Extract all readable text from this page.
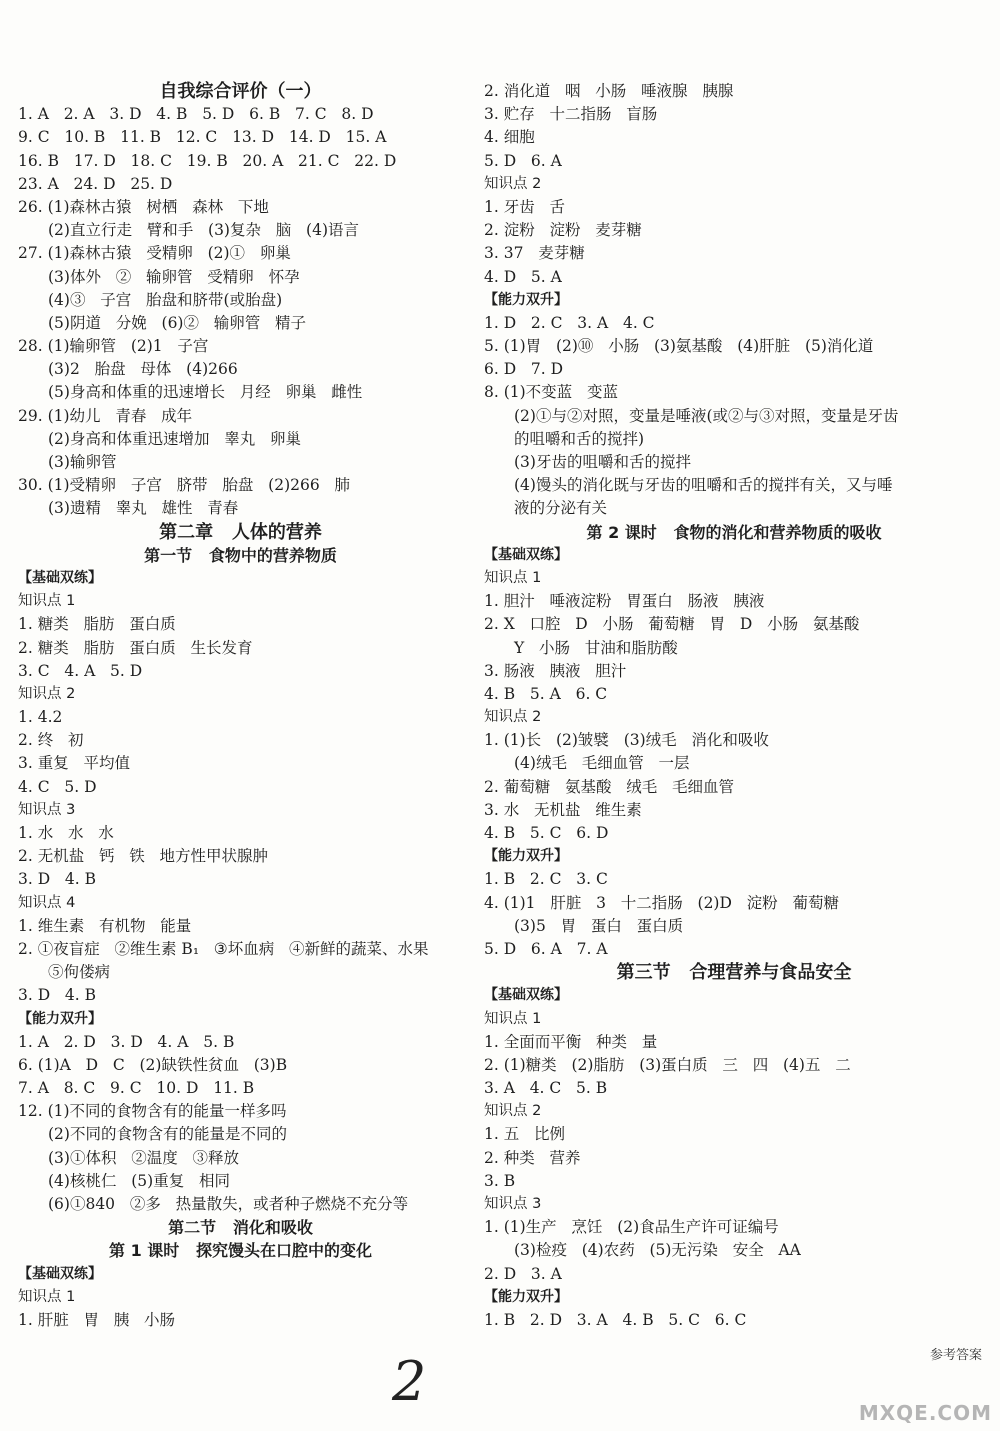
自我综合评价（一）
1. A   2. A   3. D   4. B   5. D   6. B   7. C   8. D
9. C   10. B   11. B   12. C   13. D   14. D   15. A
16. B   17. D   18. C   19. B   20. A   21. C   22. D
23. A   24. D   25. D
26. (1)森林古猿   树栖   森林   下地
(2)直立行走   臂和手   (3)复杂   脑   (4)语言
27. (1)森林古猿   受精卵   (2)①   卵巢
(3)体外   ②   输卵管   受精卵   怀孕
(4)③   子宫   胎盘和脐带(或胎盘)
(5)阴道   分娩   (6)②   输卵管   精子
28. (1)输卵管   (2)1   子宫
(3)2   胎盘   母体   (4)266
(5)身高和体重的迅速增长   月经   卵巢   雌性
29. (1)幼儿   青春   成年
(2)身高和体重迅速增加   睾丸   卵巢
(3)输卵管
30. (1)受精卵   子宫   脐带   胎盘   (2)266   肺
(3)遗精   睾丸   雄性   青春
第二章   人体的营养
第一节   食物中的营养物质
【基础双练】
知识点 1
1. 糖类   脂肪   蛋白质
2. 糖类   脂肪   蛋白质   生长发育
3. C   4. A   5. D
知识点 2
1. 4.2
2. 终   初
3. 重复   平均值
4. C   5. D
知识点 3
1. 水   水   水
2. 无机盐   钙   铁   地方性甲状腺肿
3. D   4. B
知识点 4
1. 维生素   有机物   能量
2. ①夜盲症   ②维生素 B₁   ③坏血病   ④新鲜的蔬菜、水果
⑤佝偻病
3. D   4. B
【能力双升】
1. A   2. D   3. D   4. A   5. B
6. (1)A   D   C   (2)缺铁性贫血   (3)B
7. A   8. C   9. C   10. D   11. B
12. (1)不同的食物含有的能量一样多吗
(2)不同的食物含有的能量是不同的
(3)①体积   ②温度   ③释放
(4)核桃仁   (5)重复   相同
(6)①840   ②多   热量散失，或者种子燃烧不充分等
第二节   消化和吸收
第 1 课时   探究馒头在口腔中的变化
【基础双练】
知识点 1
1. 肝脏   胃   胰   小肠
2. 消化道   咽   小肠   唾液腺   胰腺
3. 贮存   十二指肠   盲肠
4. 细胞
5. D   6. A
知识点 2
1. 牙齿   舌
2. 淀粉   淀粉   麦芽糖
3. 37   麦芽糖
4. D   5. A
【能力双升】
1. D   2. C   3. A   4. C
5. (1)胃   (2)⑩   小肠   (3)氨基酸   (4)肝脏   (5)消化道
6. D   7. D
8. (1)不变蓝   变蓝
(2)①与②对照，变量是唾液(或②与③对照，变量是牙齿
的咀嚼和舌的搅拌)
(3)牙齿的咀嚼和舌的搅拌
(4)馒头的消化既与牙齿的咀嚼和舌的搅拌有关，又与唾
液的分泌有关
第 2 课时   食物的消化和营养物质的吸收
【基础双练】
知识点 1
1. 胆汁   唾液淀粉   胃蛋白   肠液   胰液
2. X   口腔   D   小肠   葡萄糖   胃   D   小肠   氨基酸
Y   小肠   甘油和脂肪酸
3. 肠液   胰液   胆汁
4. B   5. A   6. C
知识点 2
1. (1)长   (2)皱襞   (3)绒毛   消化和吸收
(4)绒毛   毛细血管   一层
2. 葡萄糖   氨基酸   绒毛   毛细血管
3. 水   无机盐   维生素
4. B   5. C   6. D
【能力双升】
1. B   2. C   3. C
4. (1)1   肝脏   3   十二指肠   (2)D   淀粉   葡萄糖
(3)5   胃   蛋白   蛋白质
5. D   6. A   7. A
第三节   合理营养与食品安全
【基础双练】
知识点 1
1. 全面而平衡   种类   量
2. (1)糖类   (2)脂肪   (3)蛋白质   三   四   (4)五   二
3. A   4. C   5. B
知识点 2
1. 五   比例
2. 种类   营养
3. B
知识点 3
1. (1)生产   烹饪   (2)食品生产许可证编号
(3)检疫   (4)农药   (5)无污染   安全   AA
2. D   3. A
【能力双升】
1. B   2. D   3. A   4. B   5. C   6. C
参考答案
2	MXQE.COM
